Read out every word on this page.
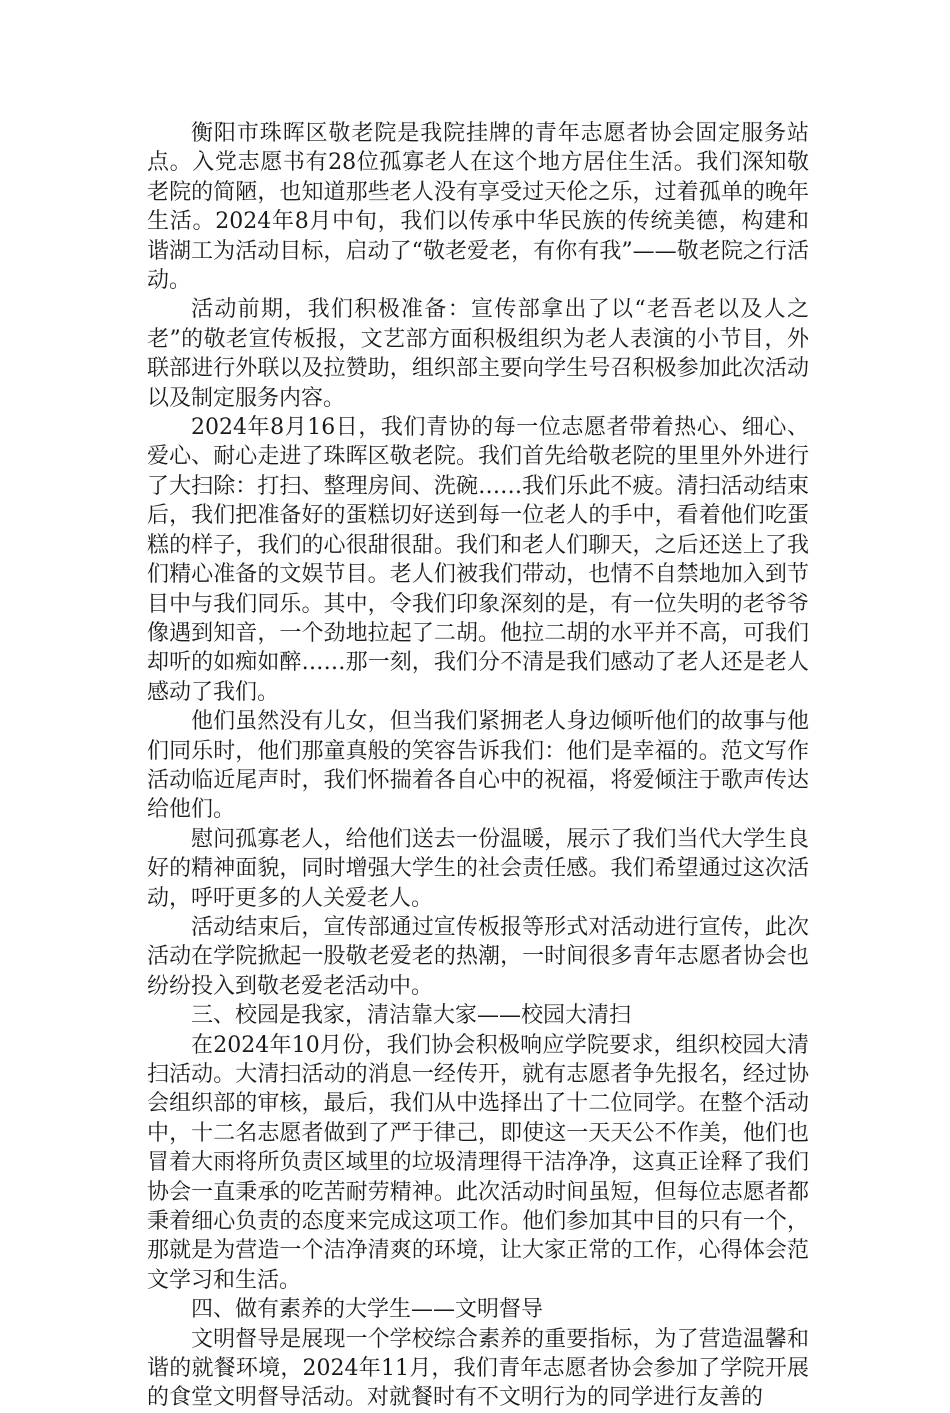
衡阳市珠晖区敬老院是我院挂牌的青年志愿者协会固定服务站点。入党志愿书有28位孤寡老人在这个地方居住生活。我们深知敬老院的简陋，也知道那些老人没有享受过天伦之乐，过着孤单的晚年生活。2024年8月中旬，我们以传承中华民族的传统美德，构建和谐湖工为活动目标，启动了“敬老爱老，有你有我”——敬老院之行活动。

活动前期，我们积极准备：宣传部拿出了以“老吾老以及人之老”的敬老宣传板报，文艺部方面积极组织为老人表演的小节目，外联部进行外联以及拉赞助，组织部主要向学生号召积极参加此次活动以及制定服务内容。

2024年8月16日，我们青协的每一位志愿者带着热心、细心、爱心、耐心走进了珠晖区敬老院。我们首先给敬老院的里里外外进行了大扫除：打扫、整理房间、洗碗……我们乐此不疲。清扫活动结束后，我们把准备好的蛋糕切好送到每一位老人的手中，看着他们吃蛋糕的样子，我们的心很甜很甜。我们和老人们聊天，之后还送上了我们精心准备的文娱节目。老人们被我们带动，也情不自禁地加入到节目中与我们同乐。其中，令我们印象深刻的是，有一位失明的老爷爷像遇到知音，一个劲地拉起了二胡。他拉二胡的水平并不高，可我们却听的如痴如醉……那一刻，我们分不清是我们感动了老人还是老人感动了我们。

他们虽然没有儿女，但当我们紧拥老人身边倾听他们的故事与他们同乐时，他们那童真般的笑容告诉我们：他们是幸福的。范文写作活动临近尾声时，我们怀揣着各自心中的祝福，将爱倾注于歌声传达给他们。

慰问孤寡老人，给他们送去一份温暖，展示了我们当代大学生良好的精神面貌，同时增强大学生的社会责任感。我们希望通过这次活动，呼吁更多的人关爱老人。

活动结束后，宣传部通过宣传板报等形式对活动进行宣传，此次活动在学院掀起一股敬老爱老的热潮，一时间很多青年志愿者协会也纷纷投入到敬老爱老活动中。

三、校园是我家，清洁靠大家——校园大清扫

在2024年10月份，我们协会积极响应学院要求，组织校园大清扫活动。大清扫活动的消息一经传开，就有志愿者争先报名，经过协会组织部的审核，最后，我们从中选择出了十二位同学。在整个活动中，十二名志愿者做到了严于律己，即使这一天天公不作美，他们也冒着大雨将所负责区域里的垃圾清理得干洁净净，这真正诠释了我们协会一直秉承的吃苦耐劳精神。此次活动时间虽短，但每位志愿者都秉着细心负责的态度来完成这项工作。他们参加其中目的只有一个，那就是为营造一个洁净清爽的环境，让大家正常的工作，心得体会范文学习和生活。

四、做有素养的大学生——文明督导

文明督导是展现一个学校综合素养的重要指标，为了营造温馨和谐的就餐环境，2024年11月，我们青年志愿者协会参加了学院开展的食堂文明督导活动。对就餐时有不文明行为的同学进行友善的
